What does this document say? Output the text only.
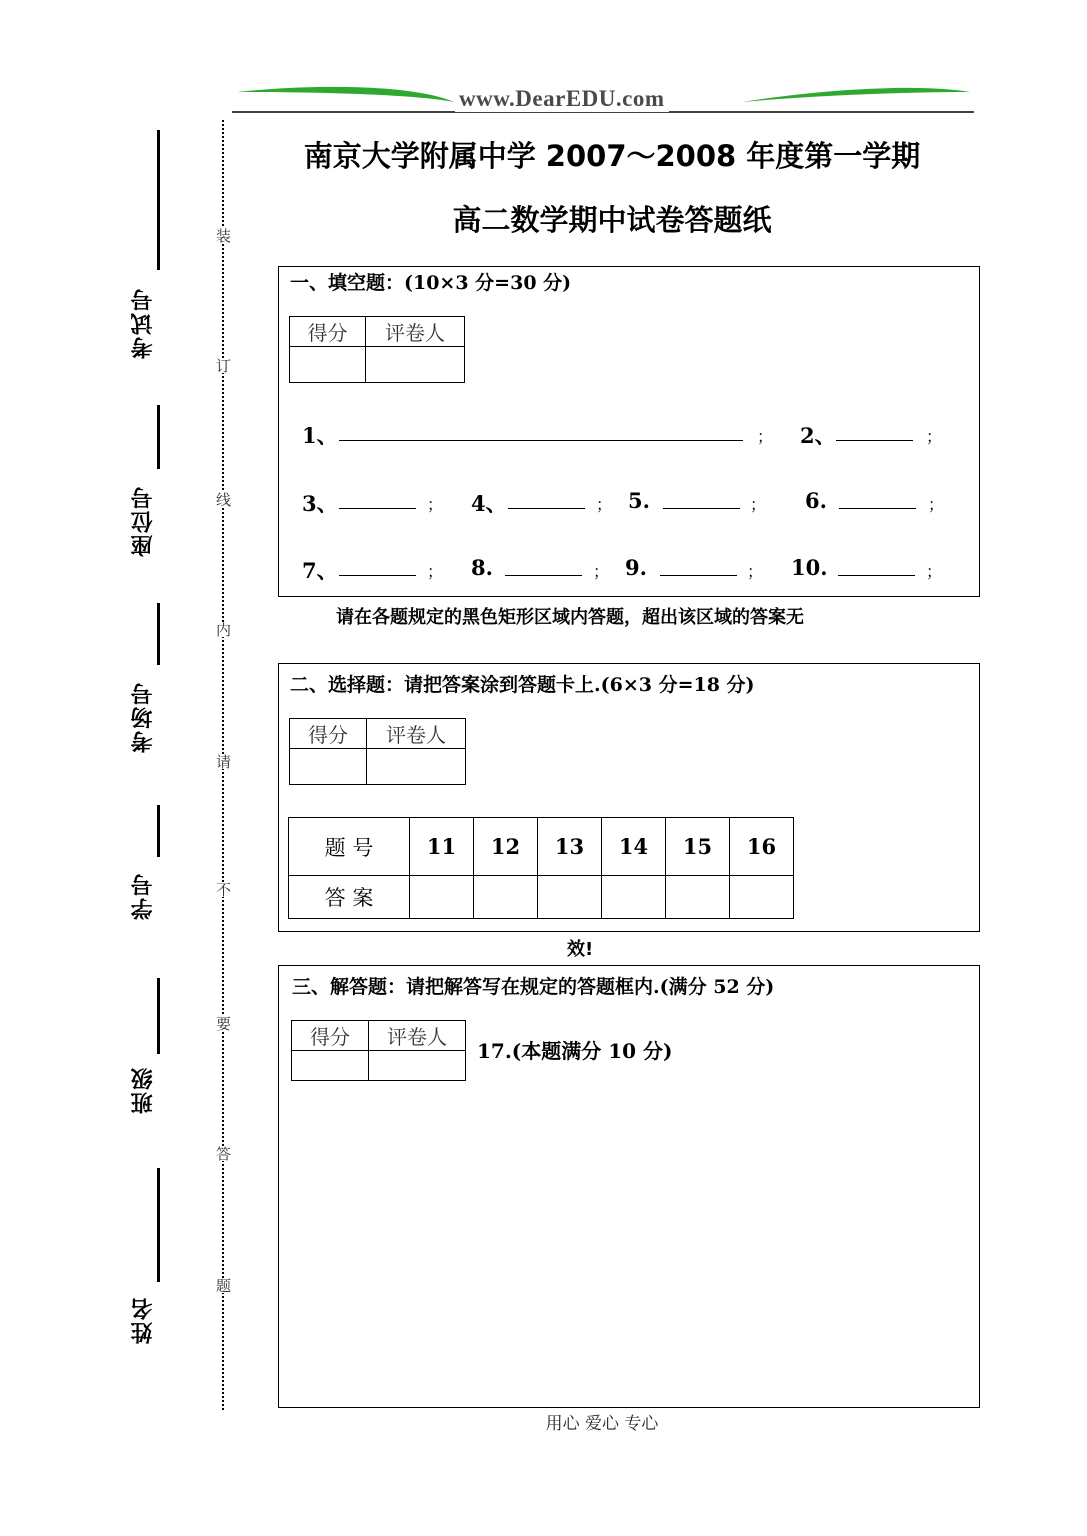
www.DearEDU.com
考试号
座位号
考场号
学号
班级
姓名
装
订
线
内
请
不
要
答
题
南京大学附属中学 2007～2008 年度第一学期
高二数学期中试卷答题纸
一、填空题：(10×3 分=30 分)
得分	评卷人

1、	； 2、	；
3、	； 4、	； 5.	； 6.	；
7、	； 8.	； 9.	； 10.	；
请在各题规定的黑色矩形区域内答题，超出该区域的答案无
二、选择题：请把答案涂到答题卡上.(6×3 分=18 分)
得分	评卷人

题 号	11	12	13	14	15	16
答 案						
效!
三、解答题：请把解答写在规定的答题框内.(满分 52 分)
得分	评卷人

17.(本题满分 10 分)
用心 爱心 专心
